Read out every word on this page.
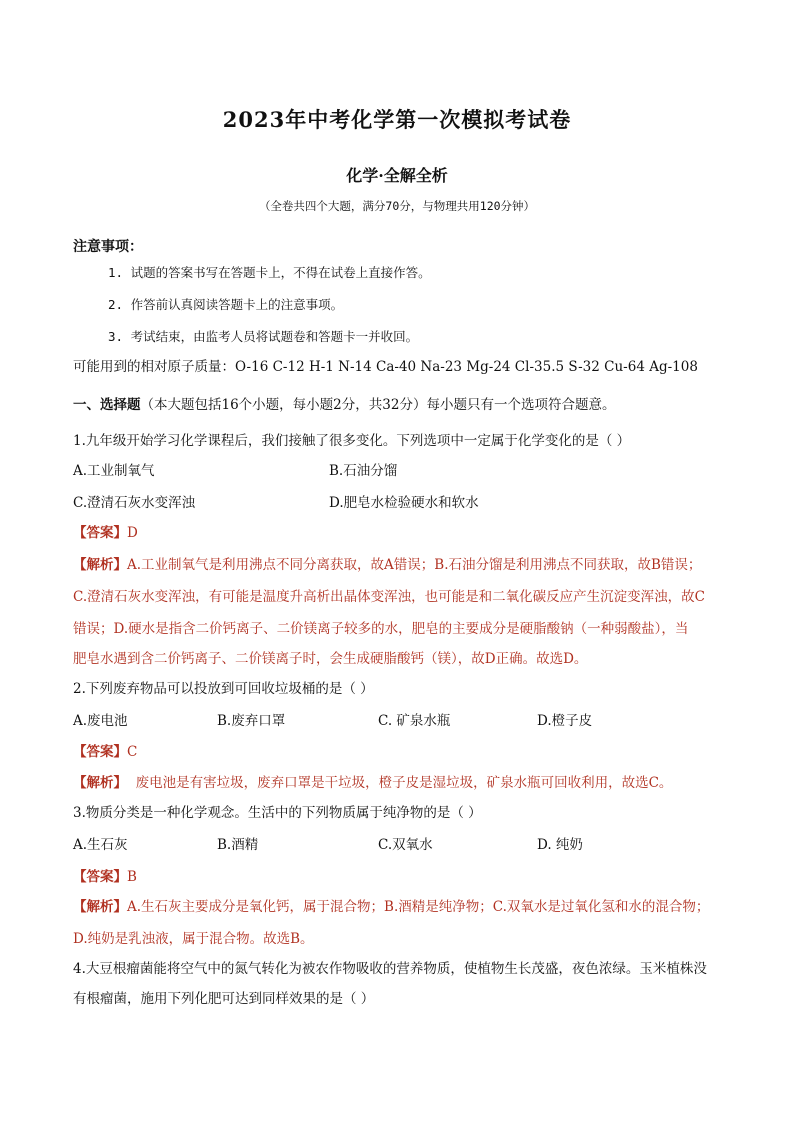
2023年中考化学第一次模拟考试卷
化学·全解全析
（全卷共四个大题，满分70分，与物理共用120分钟）
注意事项：
1. 试题的答案书写在答题卡上，不得在试卷上直接作答。
2. 作答前认真阅读答题卡上的注意事项。
3. 考试结束，由监考人员将试题卷和答题卡一并收回。
可能用到的相对原子质量：O-16 C-12 H-1 N-14 Ca-40 Na-23 Mg-24 Cl-35.5 S-32 Cu-64 Ag-108
一、选择题（本大题包括16个小题，每小题2分，共32分）每小题只有一个选项符合题意。
1.九年级开始学习化学课程后，我们接触了很多变化。下列选项中一定属于化学变化的是（ ）
A.工业制氧气	B.石油分馏
C.澄清石灰水变浑浊	D.肥皂水检验硬水和软水
【答案】D
【解析】A.工业制氧气是利用沸点不同分离获取，故A错误；B.石油分馏是利用沸点不同获取，故B错误；
C.澄清石灰水变浑浊，有可能是温度升高析出晶体变浑浊，也可能是和二氧化碳反应产生沉淀变浑浊，故C
错误；D.硬水是指含二价钙离子、二价镁离子较多的水，肥皂的主要成分是硬脂酸钠（一种弱酸盐），当
肥皂水遇到含二价钙离子、二价镁离子时，会生成硬脂酸钙（镁），故D正确。故选D。
2.下列废弃物品可以投放到可回收垃圾桶的是（ ）
A.废电池	B.废弃口罩	C. 矿泉水瓶	D.橙子皮
【答案】C
【解析】  废电池是有害垃圾，废弃口罩是干垃圾，橙子皮是湿垃圾，矿泉水瓶可回收利用，故选C。
3.物质分类是一种化学观念。生活中的下列物质属于纯净物的是（ ）
A.生石灰	B.酒精	C.双氧水	D. 纯奶
【答案】B
【解析】A.生石灰主要成分是氧化钙，属于混合物；B.酒精是纯净物；C.双氧水是过氧化氢和水的混合物；
D.纯奶是乳浊液，属于混合物。故选B。
4.大豆根瘤菌能将空气中的氮气转化为被农作物吸收的营养物质，使植物生长茂盛，夜色浓绿。玉米植株没
有根瘤菌，施用下列化肥可达到同样效果的是（ ）
